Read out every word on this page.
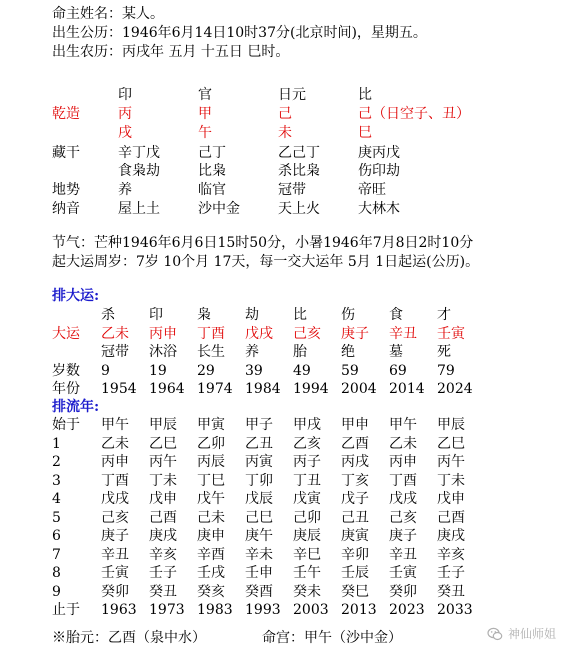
命主姓名：某人。
出生公历：1946年6月14日10时37分(北京时间)，星期五。
出生农历：丙戌年 五月 十五日 巳时。
印	官	日元	比
乾造	丙	甲	己	己（日空子、丑）
戌	午	未	巳
藏干	辛丁戊	己丁	乙己丁	庚丙戊
食枭劫	比枭	杀比枭	伤印劫
地势	养	临官	冠带	帝旺
纳音	屋上土	沙中金	天上火	大林木
节气：芒种1946年6月6日15时50分，小暑1946年7月8日2时10分
起大运周岁：7岁 10个月 17天，每一交大运年 5月 1日起运(公历)。
排大运:
杀 印 枭 劫 比 伤 食 才
大运 乙未 丙申 丁酉 戊戌 己亥 庚子 辛丑 壬寅
冠带 沐浴 长生 养 胎 绝 墓 死
岁数 9	19 29 39 49 59 69 79
年份 1954 1964 1974 1984 1994 2004 2014 2024
排流年:
始于 甲午 甲辰 甲寅 甲子 甲戌 甲申 甲午 甲辰
1	乙未 乙巳 乙卯 乙丑 乙亥 乙酉 乙未 乙巳
2	丙申 丙午 丙辰 丙寅 丙子 丙戌 丙申 丙午
3	丁酉 丁未 丁巳 丁卯 丁丑 丁亥 丁酉 丁未
4	戊戌 戊申 戊午 戊辰 戊寅 戊子 戊戌 戊申
5	己亥 己酉 己未 己巳 己卯 己丑 己亥 己酉
6	庚子 庚戌 庚申 庚午 庚辰 庚寅 庚子 庚戌
7	辛丑 辛亥 辛酉 辛未 辛巳 辛卯 辛丑 辛亥
8	壬寅 壬子 壬戌 壬申 壬午 壬辰 壬寅 壬子
9	癸卯 癸丑 癸亥 癸酉 癸未 癸巳 癸卯 癸丑
止于 1963 1973 1983 1993 2003 2013 2023 2033
※胎元：乙酉（泉中水）	命宫：甲午（沙中金）	神仙师姐
